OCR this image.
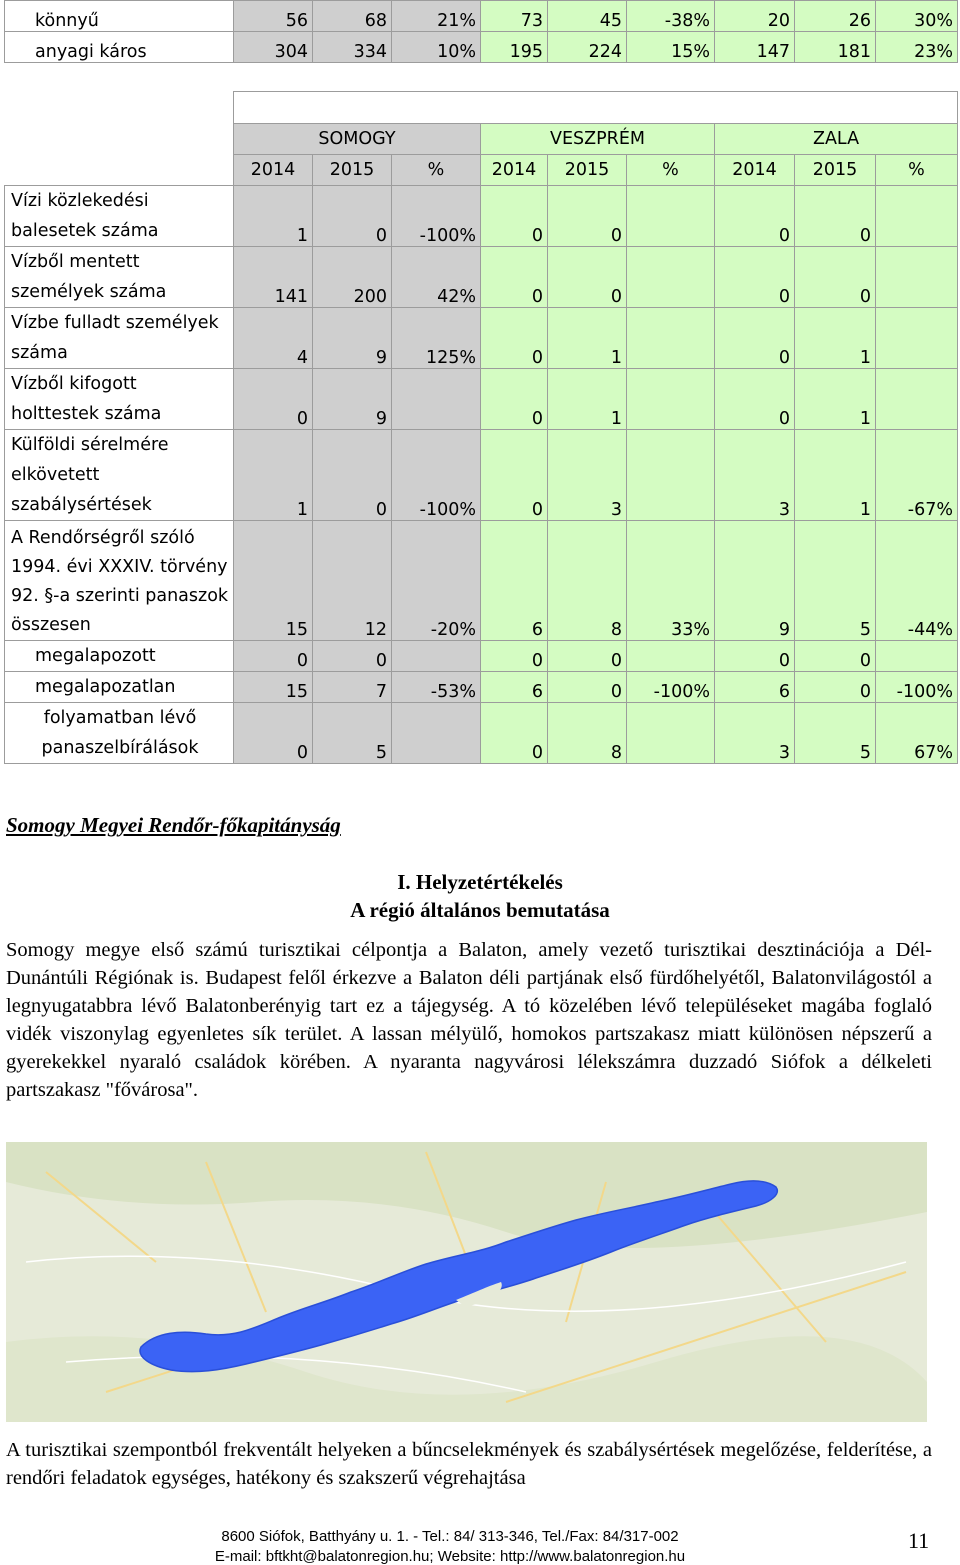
könnyű	56	68	21%	73	45	-38%	20	26	30%
anyagi káros	304	334	10%	195	224	15%	147	181	23%

	SOMOGY			VESZPRÉM			ZALA		
	2014	2015	%	2014	2015	%	2014	2015	%
Vízi közlekedési balesetek száma	1	0	-100%	0	0		0	0	
Vízből mentett személyek száma	141	200	42%	0	0		0	0	
Vízbe fulladt személyek száma	4	9	125%	0	1		0	1	
Vízből kifogott holttestek száma	0	9		0	1		0	1	
Külföldi sérelmére elkövetett szabálysértések	1	0	-100%	0	3		3	1	-67%
A Rendőrségről szóló 1994. évi XXXIV. törvény 92. §-a szerinti panaszok összesen	15	12	-20%	6	8	33%	9	5	-44%
megalapozott	0	0		0	0		0	0	
megalapozatlan	15	7	-53%	6	0	-100%	6	0	-100%
folyamatban lévő panaszelbírálások	0	5		0	8		3	5	67%
Somogy Megyei Rendőr-főkapitányság
I. Helyzetértékelés
A régió általános bemutatása
Somogy megye első számú turisztikai célpontja a Balaton, amely vezető turisztikai desztinációja a Dél-Dunántúli Régiónak is. Budapest felől érkezve a Balaton déli partjának első fürdőhelyétől, Balatonvilágostól a legnyugatabbra lévő Balatonberényig tart ez a tájegység. A tó közelében lévő településeket magába foglaló vidék viszonylag egyenletes sík terület. A lassan mélyülő, homokos partszakasz miatt különösen népszerű a gyerekekkel nyaraló családok körében. A nyaranta nagyvárosi lélekszámra duzzadó Siófok a délkeleti partszakasz "fővárosa".
A turisztikai szempontból frekventált helyeken a bűncselekmények és szabálysértések megelőzése, felderítése, a rendőri feladatok egységes, hatékony és szakszerű végrehajtása
8600 Siófok, Batthyány u. 1. - Tel.: 84/ 313-346, Tel./Fax: 84/317-002
E-mail: bftkht@balatonregion.hu; Website: http://www.balatonregion.hu
11
